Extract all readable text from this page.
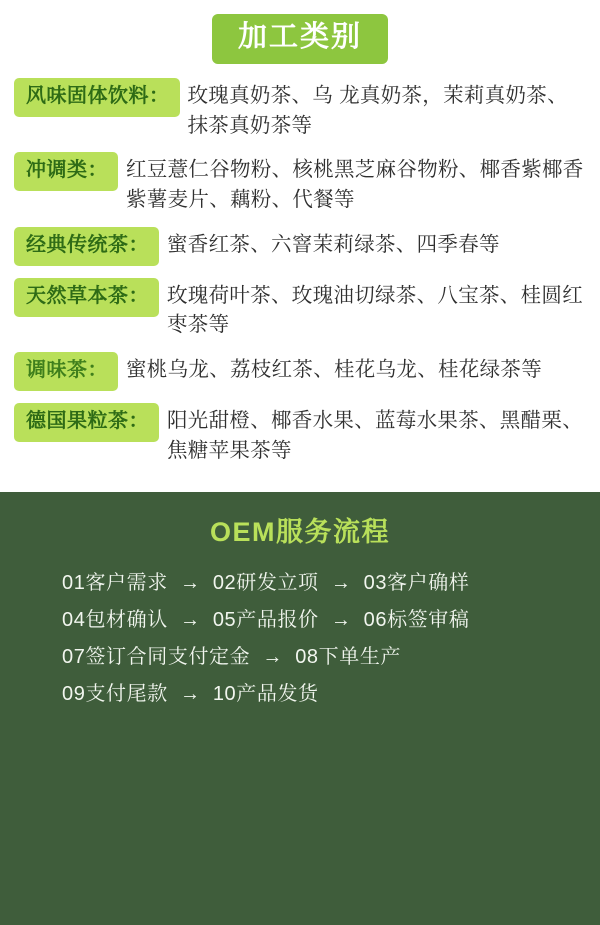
加工类别
风味固体饮料： 玫瑰真奶茶、乌 龙真奶茶，茉莉真奶茶、抹茶真奶茶等
冲调类： 红豆薏仁谷物粉、核桃黑芝麻谷物粉、椰香紫椰香紫薯麦片、藕粉、代餐等
经典传统茶： 蜜香红茶、六窨茉莉绿茶、四季春等
天然草本茶： 玫瑰荷叶茶、玫瑰油切绿茶、八宝茶、桂圆红枣茶等
调味茶： 蜜桃乌龙、荔枝红茶、桂花乌龙、桂花绿茶等
德国果粒茶： 阳光甜橙、椰香水果、蓝莓水果茶、黑醋栗、焦糖苹果茶等
OEM服务流程
01客户需求 → 02研发立项 → 03客户确样
04包材确认 → 05产品报价 → 06标签审稿
07签订合同支付定金 → 08下单生产
09支付尾款 → 10产品发货
